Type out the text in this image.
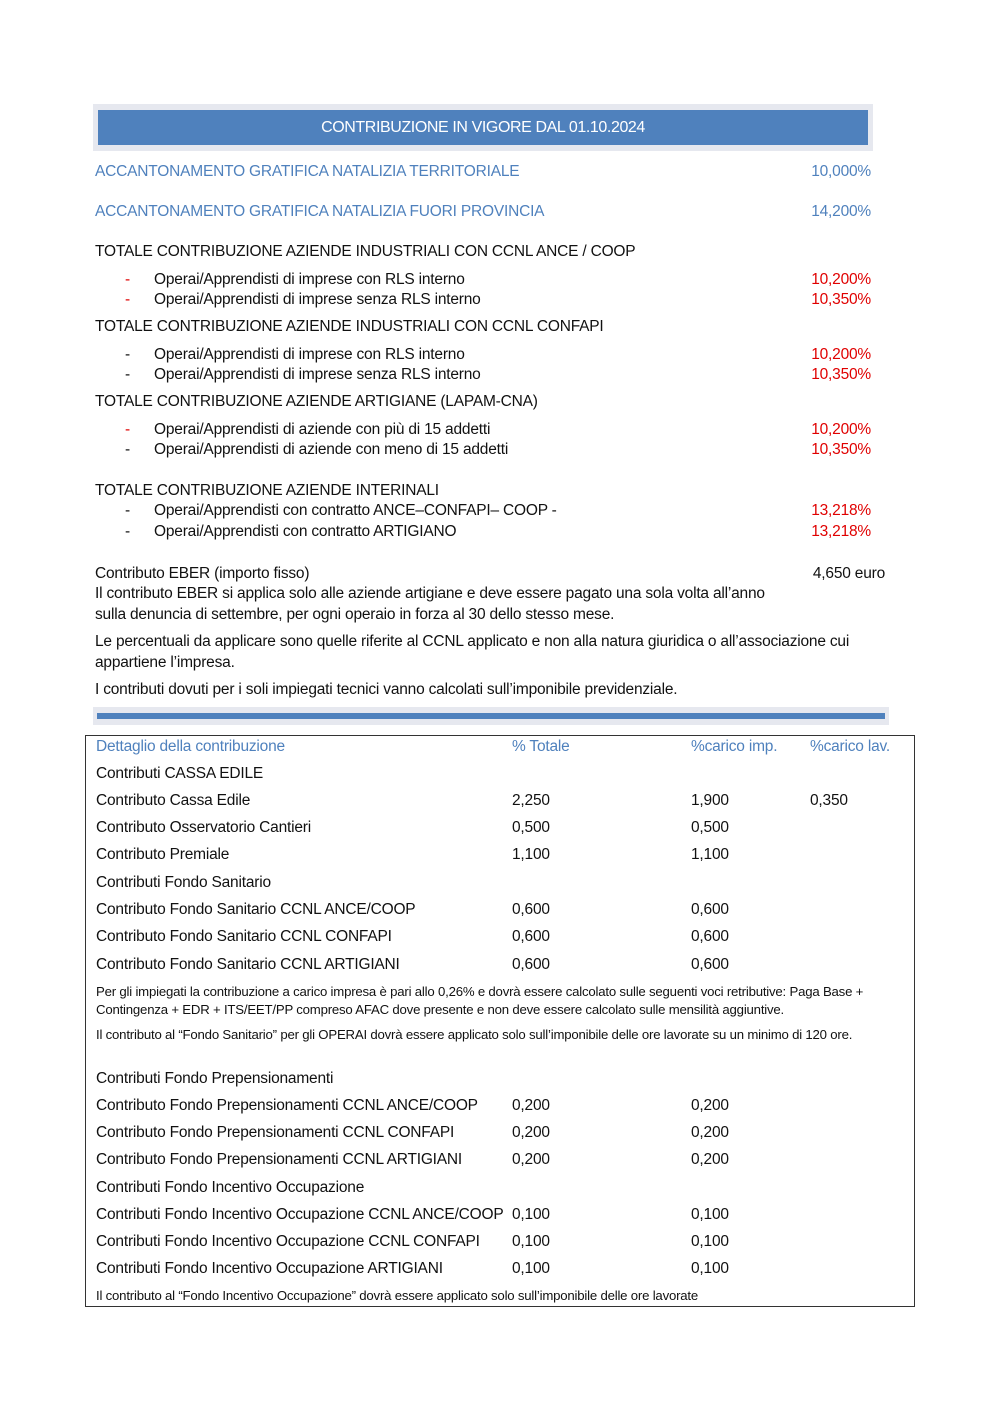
CONTRIBUZIONE IN VIGORE DAL 01.10.2024
ACCANTONAMENTO GRATIFICA NATALIZIA TERRITORIALE	10,000%
ACCANTONAMENTO GRATIFICA NATALIZIA FUORI PROVINCIA	14,200%
TOTALE CONTRIBUZIONE AZIENDE INDUSTRIALI CON CCNL ANCE / COOP
- Operai/Apprendisti di imprese con RLS interno	10,200%
- Operai/Apprendisti di imprese senza RLS interno	10,350%
TOTALE CONTRIBUZIONE AZIENDE INDUSTRIALI CON CCNL CONFAPI
- Operai/Apprendisti di imprese con RLS interno	10,200%
- Operai/Apprendisti di imprese senza RLS interno	10,350%
TOTALE CONTRIBUZIONE AZIENDE ARTIGIANE (LAPAM-CNA)
- Operai/Apprendisti di aziende con più di 15 addetti	10,200%
- Operai/Apprendisti di aziende con meno di 15 addetti	10,350%
TOTALE CONTRIBUZIONE AZIENDE INTERINALI
- Operai/Apprendisti con contratto ANCE–CONFAPI– COOP -	13,218%
- Operai/Apprendisti con contratto ARTIGIANO	13,218%
Contributo EBER (importo fisso)	4,650 euro
Il contributo EBER si applica solo alle aziende artigiane e deve essere pagato una sola volta all’anno sulla denuncia di settembre, per ogni operaio in forza al 30 dello stesso mese.
Le percentuali da applicare sono quelle riferite al CCNL applicato e non alla natura giuridica o all’associazione cui appartiene l’impresa.
I contributi dovuti per i soli impiegati tecnici vanno calcolati sull’imponibile previdenziale.
Dettaglio della contribuzione	% Totale	%carico imp. %carico lav.
Contributi CASSA EDILE
Contributo Cassa Edile	2,250	1,900	0,350
Contributo Osservatorio Cantieri	0,500	0,500
Contributo Premiale	1,100	1,100
Contributi Fondo Sanitario
Contributo Fondo Sanitario CCNL ANCE/COOP	0,600	0,600
Contributo Fondo Sanitario CCNL CONFAPI	0,600	0,600
Contributo Fondo Sanitario CCNL ARTIGIANI	0,600	0,600
Per gli impiegati la contribuzione a carico impresa è pari allo 0,26% e dovrà essere calcolato sulle seguenti voci retributive: Paga Base + Contingenza + EDR + ITS/EET/PP compreso AFAC dove presente e non deve essere calcolato sulle mensilità aggiuntive.
Il contributo al “Fondo Sanitario” per gli OPERAI dovrà essere applicato solo sull’imponibile delle ore lavorate su un minimo di 120 ore.
Contributi Fondo Prepensionamenti
Contributo Fondo Prepensionamenti CCNL ANCE/COOP 0,200	0,200
Contributo Fondo Prepensionamenti CCNL CONFAPI	0,200	0,200
Contributo Fondo Prepensionamenti CCNL ARTIGIANI	0,200	0,200
Contributi Fondo Incentivo Occupazione
Contributi Fondo Incentivo Occupazione CCNL ANCE/COOP 0,100	0,100
Contributi Fondo Incentivo Occupazione CCNL CONFAPI 0,100	0,100
Contributi Fondo Incentivo Occupazione ARTIGIANI	0,100	0,100
Il contributo al “Fondo Incentivo Occupazione” dovrà essere applicato solo sull’imponibile delle ore lavorate
